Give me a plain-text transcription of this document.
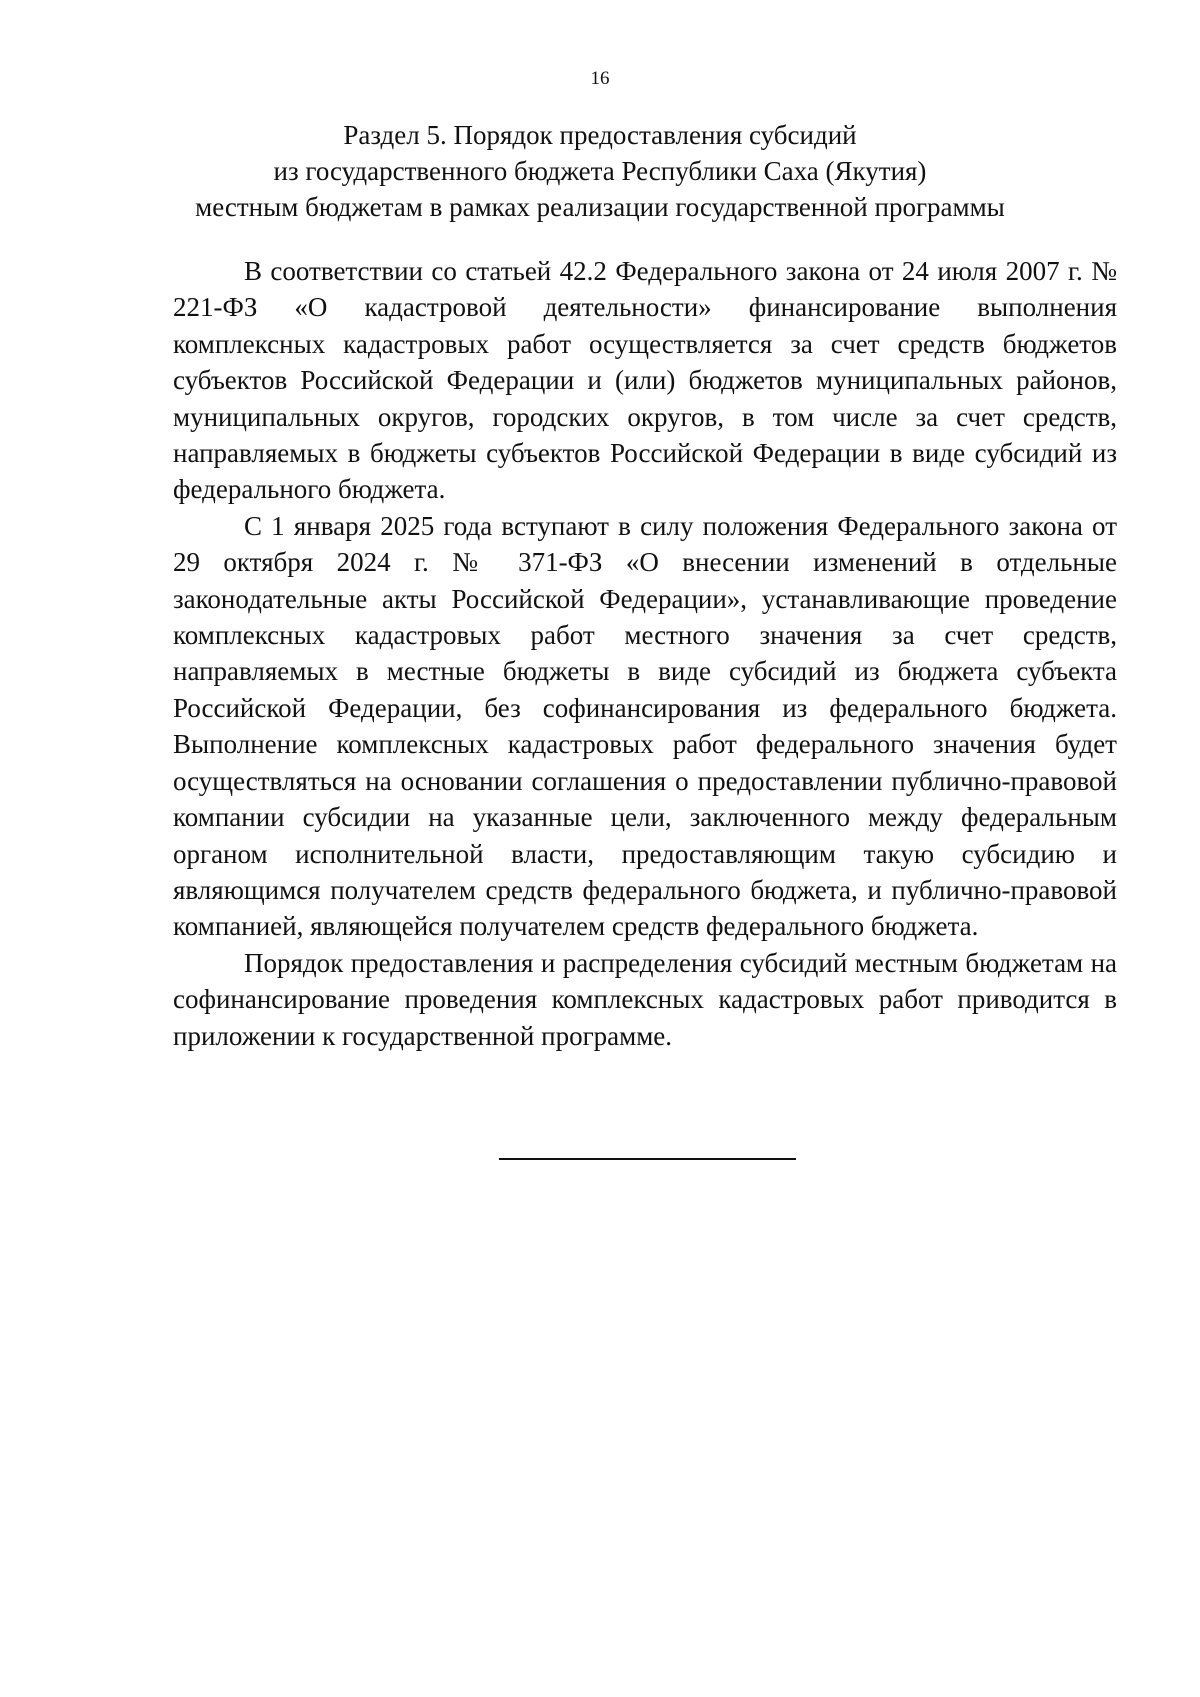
16
Раздел 5. Порядок предоставления субсидий
из государственного бюджета Республики Саха (Якутия)
местным бюджетам в рамках реализации государственной программы

В соответствии со статьей 42.2 Федерального закона от 24 июля 2007 г. № 221-ФЗ «О кадастровой деятельности» финансирование выполнения комплексных кадастровых работ осуществляется за счет средств бюджетов субъектов Российской Федерации и (или) бюджетов муниципальных районов, муниципальных округов, городских округов, в том числе за счет средств, направляемых в бюджеты субъектов Российской Федерации в виде субсидий из федерального бюджета.

С 1 января 2025 года вступают в силу положения Федерального закона от 29 октября 2024 г. № 371-ФЗ «О внесении изменений в отдельные законодательные акты Российской Федерации», устанавливающие проведение комплексных кадастровых работ местного значения за счет средств, направляемых в местные бюджеты в виде субсидий из бюджета субъекта Российской Федерации, без софинансирования из федерального бюджета. Выполнение комплексных кадастровых работ федерального значения будет осуществляться на основании соглашения о предоставлении публично-правовой компании субсидии на указанные цели, заключенного между федеральным органом исполнительной власти, предоставляющим такую субсидию и являющимся получателем средств федерального бюджета, и публично-правовой компанией, являющейся получателем средств федерального бюджета.

Порядок предоставления и распределения субсидий местным бюджетам на софинансирование проведения комплексных кадастровых работ приводится в приложении к государственной программе.
